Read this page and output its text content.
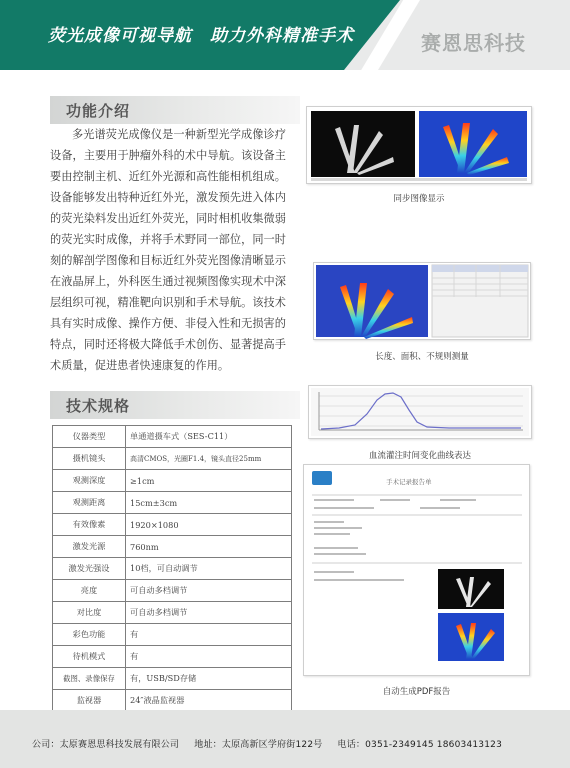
荧光成像可视导航　助力外科精准手术	赛恩思科技
功能介绍

多光谱荧光成像仪是一种新型光学成像诊疗设备，主要用于肿瘤外科的术中导航。该设备主要由控制主机、近红外光源和高性能相机组成。设备能够发出特种近红外光，激发预先进入体内的荧光染料发出近红外荧光，同时相机收集微弱的荧光实时成像，并将手术野同一部位，同一时刻的解剖学图像和目标近红外荧光图像清晰显示在液晶屏上，外科医生通过视频图像实现术中深层组织可视，精准靶向识别和手术导航。该技术具有实时成像、操作方便、非侵入性和无损害的特点，同时还将极大降低手术创伤、显著提高手术质量，促进患者快速康复的作用。

技术规格
仪器类型	单通道摄车式（SES-C11）
摄机镜头	高清CMOS，光圈F1.4，镜头直径25mm
观测深度	≥1cm
观测距离	15cm±3cm
有效像素	1920×1080
激发光源	760nm
激发光强设	10档，可自动调节
亮度	可自动多档调节
对比度	可自动多档调节
彩色功能	有
待机模式	有
截图、录像保存	有，USB/SD存储
监视器	24″液晶监视器
同步图像显示
长度、面积、不规则测量
血流灌注时间变化曲线表达
手术记录报告单
自动生成PDF报告
公司：太原赛恩思科技发展有限公司 地址：太原高新区学府街122号 电话：0351-2349145 18603413123
